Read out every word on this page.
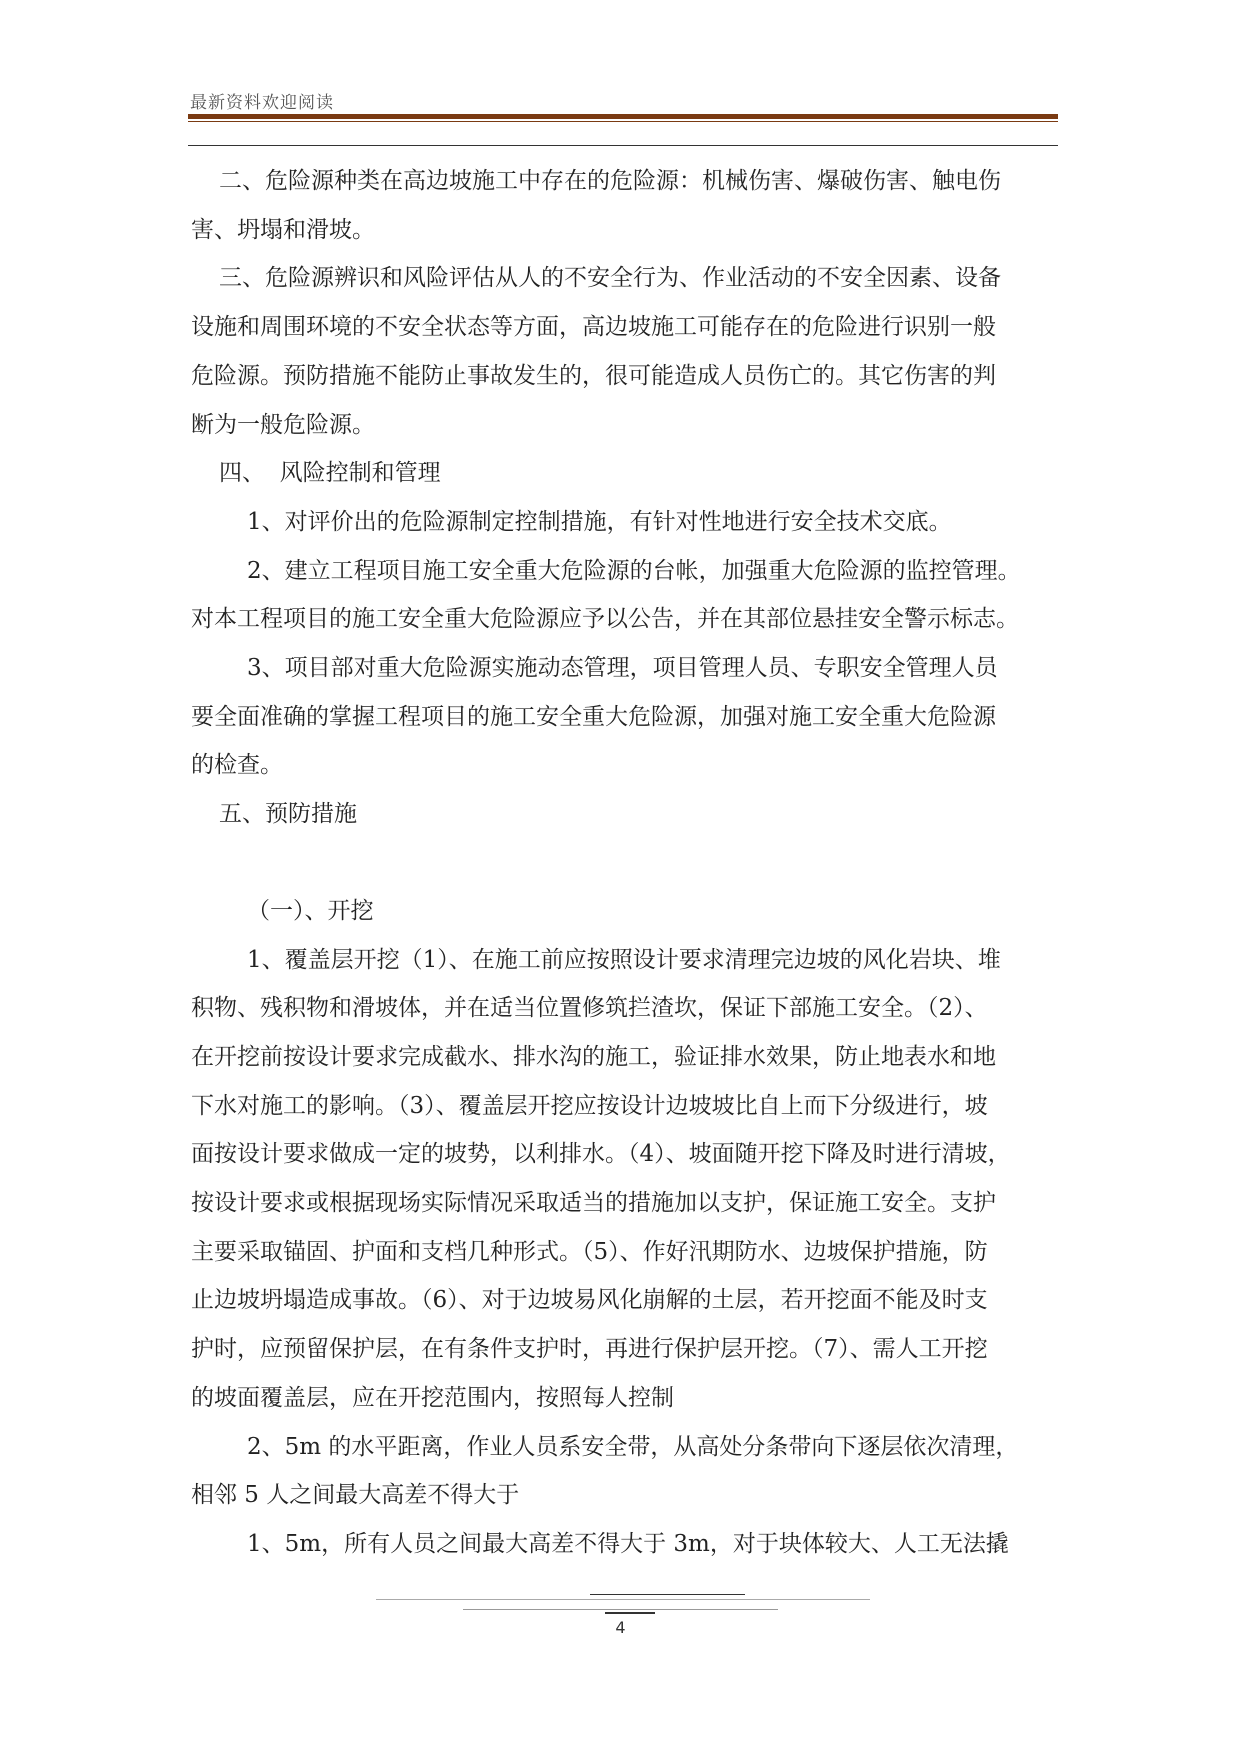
最新资料欢迎阅读

二、危险源种类在高边坡施工中存在的危险源：机械伤害、爆破伤害、触电伤

害、坍塌和滑坡。

三、危险源辨识和风险评估从人的不安全行为、作业活动的不安全因素、设备

设施和周围环境的不安全状态等方面，高边坡施工可能存在的危险进行识别一般

危险源。预防措施不能防止事故发生的，很可能造成人员伤亡的。其它伤害的判

断为一般危险源。

四、  风险控制和管理

1、对评价出的危险源制定控制措施，有针对性地进行安全技术交底。

2、建立工程项目施工安全重大危险源的台帐，加强重大危险源的监控管理。

对本工程项目的施工安全重大危险源应予以公告，并在其部位悬挂安全警示标志。

3、项目部对重大危险源实施动态管理，项目管理人员、专职安全管理人员

要全面准确的掌握工程项目的施工安全重大危险源，加强对施工安全重大危险源

的检查。

五、预防措施

（一）、开挖

1、覆盖层开挖（1）、在施工前应按照设计要求清理完边坡的风化岩块、堆

积物、残积物和滑坡体，并在适当位置修筑拦渣坎，保证下部施工安全。（2）、

在开挖前按设计要求完成截水、排水沟的施工，验证排水效果，防止地表水和地

下水对施工的影响。（3）、覆盖层开挖应按设计边坡坡比自上而下分级进行，坡

面按设计要求做成一定的坡势，以利排水。（4）、坡面随开挖下降及时进行清坡，

按设计要求或根据现场实际情况采取适当的措施加以支护，保证施工安全。支护

主要采取锚固、护面和支档几种形式。（5）、作好汛期防水、边坡保护措施，防

止边坡坍塌造成事故。（6）、对于边坡易风化崩解的土层，若开挖面不能及时支

护时，应预留保护层，在有条件支护时，再进行保护层开挖。（7）、需人工开挖

的坡面覆盖层，应在开挖范围内，按照每人控制

2、5m 的水平距离，作业人员系安全带，从高处分条带向下逐层依次清理，

相邻 5 人之间最大高差不得大于

1、5m，所有人员之间最大高差不得大于 3m，对于块体较大、人工无法撬

4
